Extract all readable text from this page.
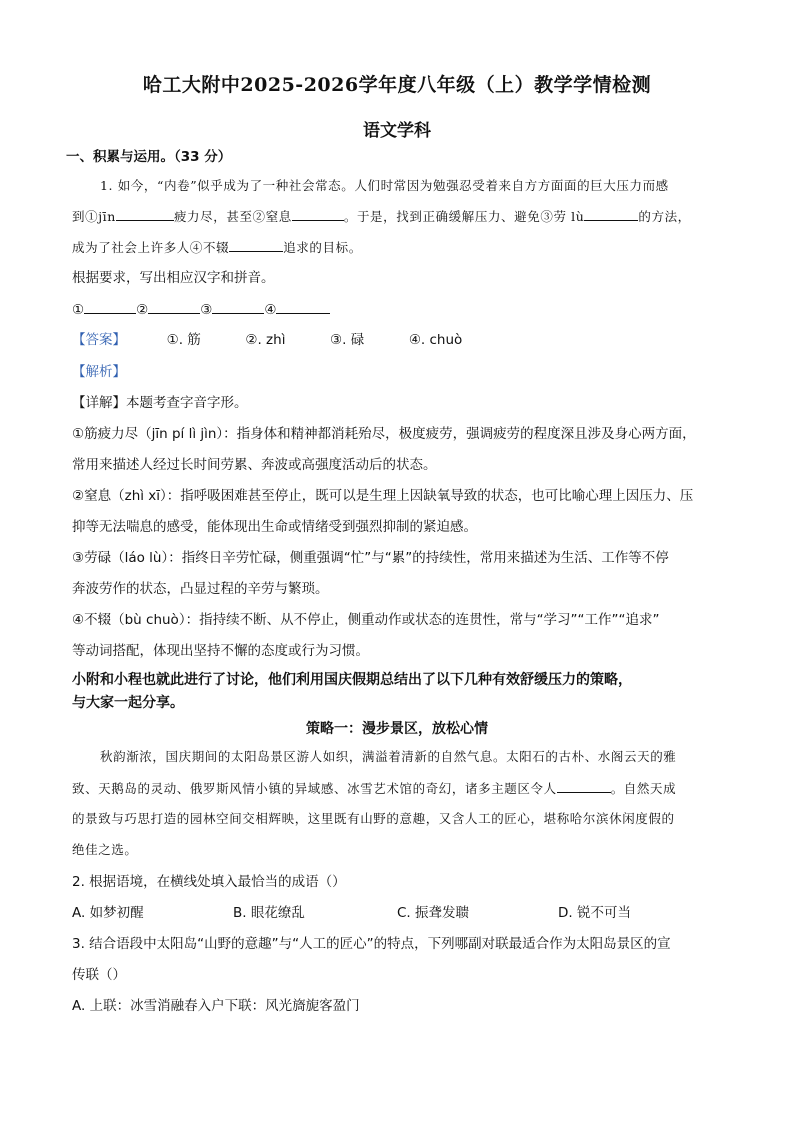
哈工大附中2025-2026学年度八年级（上）教学学情检测
语文学科
一、积累与运用。（33 分）
1. 如今，“内卷”似乎成为了一种社会常态。人们时常因为勉强忍受着来自方方面面的巨大压力而感
到①jīn	疲力尽，甚至②窒息	。于是，找到正确缓解压力、避免③劳 lù	的方法，
成为了社会上许多人④不辍	追求的目标。
根据要求，写出相应汉字和拼音。
①	②	③	④
【答案】	①. 筋	②. zhì	③. 碌	④. chuò
【解析】
【详解】本题考查字音字形。
①筋疲力尽（jīn pí lì jìn）：指身体和精神都消耗殆尽，极度疲劳，强调疲劳的程度深且涉及身心两方面，
常用来描述人经过长时间劳累、奔波或高强度活动后的状态。
②窒息（zhì xī）：指呼吸困难甚至停止，既可以是生理上因缺氧导致的状态，也可比喻心理上因压力、压
抑等无法喘息的感受，能体现出生命或情绪受到强烈抑制的紧迫感。
③劳碌（láo lù）：指终日辛劳忙碌，侧重强调“忙”与“累”的持续性，常用来描述为生活、工作等不停
奔波劳作的状态，凸显过程的辛劳与繁琐。
④不辍（bù chuò）：指持续不断、从不停止，侧重动作或状态的连贯性，常与“学习”“工作”“追求”
等动词搭配，体现出坚持不懈的态度或行为习惯。
小附和小程也就此进行了讨论，他们利用国庆假期总结出了以下几种有效舒缓压力的策略，
与大家一起分享。
策略一：漫步景区，放松心情
秋韵渐浓，国庆期间的太阳岛景区游人如织，满溢着清新的自然气息。太阳石的古朴、水阁云天的雅
致、天鹅岛的灵动、俄罗斯风情小镇的异域感、冰雪艺术馆的奇幻，诸多主题区令人	。自然天成
的景致与巧思打造的园林空间交相辉映，这里既有山野的意趣，又含人工的匠心，堪称哈尔滨休闲度假的
绝佳之选。
2. 根据语境，在横线处填入最恰当的成语（）
A. 如梦初醒	B. 眼花缭乱	C. 振聋发聩	D. 锐不可当
3. 结合语段中太阳岛“山野的意趣”与“人工的匠心”的特点，下列哪副对联最适合作为太阳岛景区的宣
传联（）
A. 上联：冰雪消融春入户下联：风光旖旎客盈门
